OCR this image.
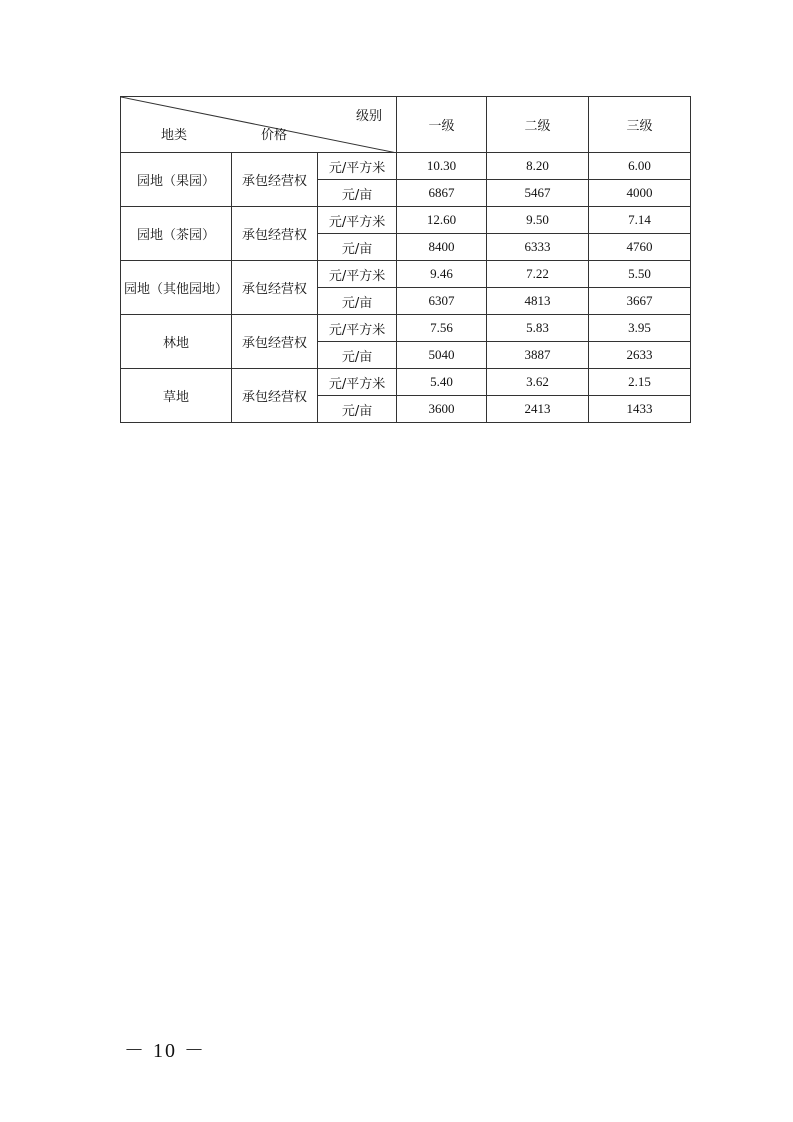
级别
地类 价格			一级	二级	三级
园地（果园）	承包经营权	元/平方米	10.30	8.20	6.00
		元/亩	6867	5467	4000
园地（茶园）	承包经营权	元/平方米	12.60	9.50	7.14
		元/亩	8400	6333	4760
园地（其他园地）	承包经营权	元/平方米	9.46	7.22	5.50
		元/亩	6307	4813	3667
林地	承包经营权	元/平方米	7.56	5.83	3.95
		元/亩	5040	3887	2633
草地	承包经营权	元/平方米	5.40	3.62	2.15
		元/亩	3600	2413	1433
－ 10 －
